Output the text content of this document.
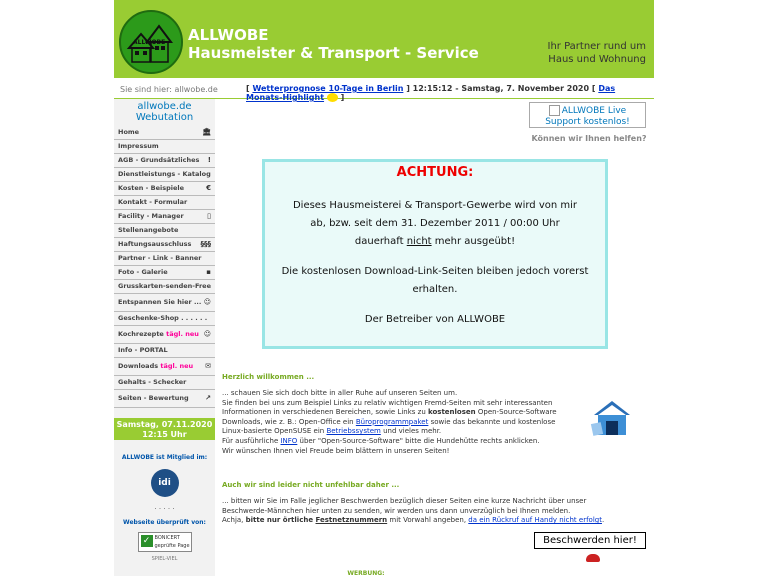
ALLWOBE ALLWOBE
Hausmeister & Transport - Service	Ihr Partner rund um Haus und Wohnung
Sie sind hier: allwobe.de	[ Wetterprognose 10-Tage in Berlin ] 12:15:12 - Samstag, 7. November 2020 [ Das Monats-Highlight  ]
allwobe.de
Webutation
Home	🏛
Impressum
AGB - Grundsätzliches !
Dienstleistungs - Katalog
Kosten - Beispiele	€
Kontakt - Formular
Facility - Manager	▯
Stellenangebote
Haftungsausschluss §§§
Partner - Link - Banner
Foto - Galerie	▪
Grusskarten-senden-Free
Entspannen Sie hier ... ☺
Geschenke-Shop . . . . . .
Kochrezepte tägl. neu ☺
Info - PORTAL
Downloads tägl. neu ✉
Gehalts - Schecker
Seiten - Bewertung ↗
Samstag, 07.11.2020
12:15 Uhr
ALLWOBE ist Mitglied im:
idi
. . . . .
Webseite überprüft von:
✓ BONICERT
geprüfte Page
SPIEL-VIEL
ALLWOBE Live Support kostenlos!
Können wir Ihnen helfen?
ACHTUNG:

Dieses Hausmeisterei & Transport-Gewerbe wird von mir

ab, bzw. seit dem 31. Dezember 2011 / 00:00 Uhr

dauerhaft nicht mehr ausgeübt!

Die kostenlosen Download-Link-Seiten bleiben jedoch vorerst

erhalten.

Der Betreiber von ALLWOBE

Herzlich willkommen ...
... schauen Sie sich doch bitte in aller Ruhe auf unseren Seiten um.
Sie finden bei uns zum Beispiel Links zu relativ wichtigen Fremd-Seiten mit sehr interessanten
Informationen in verschiedenen Bereichen, sowie Links zu kostenlosen Open-Source-Software
Downloads, wie z. B.: Open-Office ein Büroprogrammpaket sowie das bekannte und kostenlose
Linux-basierte OpenSUSE ein Betriebssystem und vieles mehr.
Für ausführliche INFO über "Open-Source-Software" bitte die Hundehütte rechts anklicken.
Wir wünschen Ihnen viel Freude beim blättern in unseren Seiten!
Auch wir sind leider nicht unfehlbar daher ...
... bitten wir Sie im Falle jeglicher Beschwerden bezüglich dieser Seiten eine kurze Nachricht über unser
Beschwerde-Männchen hier unten zu senden, wir werden uns dann unverzüglich bei Ihnen melden.
Achja, bitte nur örtliche Festnetznummern mit Vorwahl angeben, da ein Rückruf auf Handy nicht erfolgt.
Beschwerden hier!
WERBUNG:
